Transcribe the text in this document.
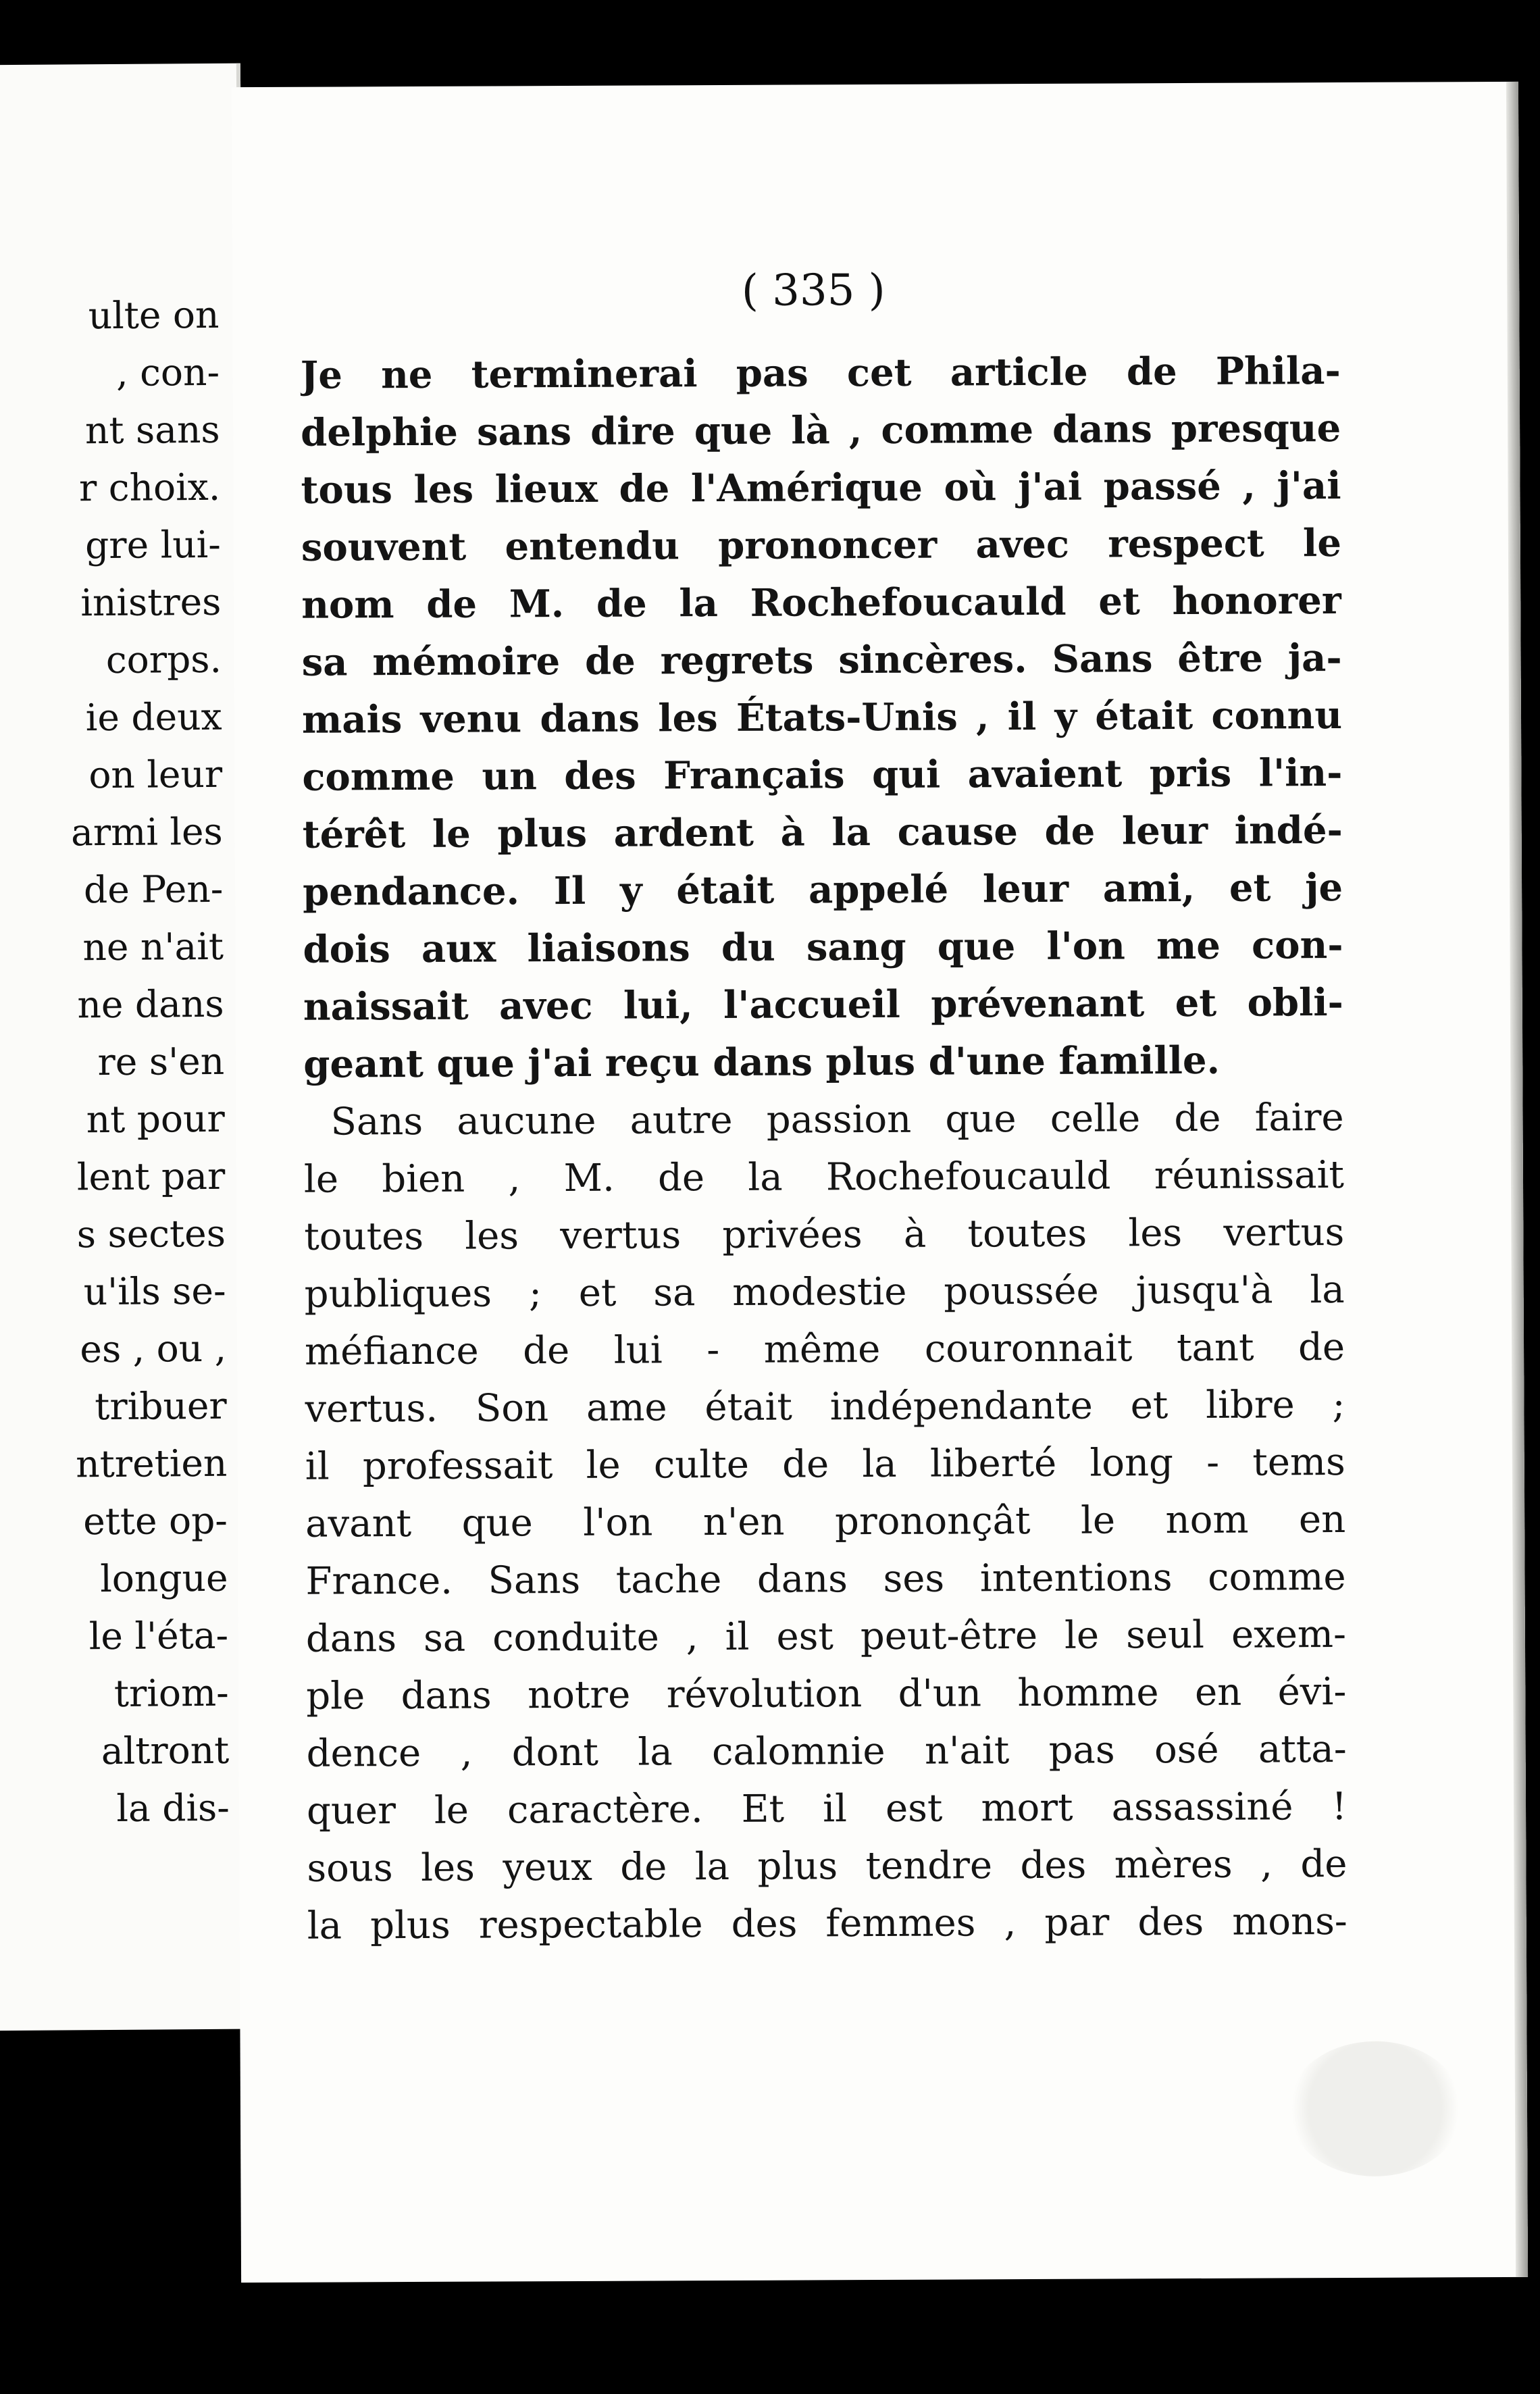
ulte on
, con-
nt sans
r choix.
gre lui-
inistres
corps.
ie deux
on leur
armi les
de Pen-
ne n'ait
ne dans
re s'en
nt pour
lent par
s sectes
u'ils se-
es , ou ,
tribuer
ntretien
ette op-
longue
le l'éta-
triom-
altront
la dis-

( 335 )

Je ne terminerai pas cet article de Phila-
delphie sans dire que là , comme dans presque
tous les lieux de l'Amérique où j'ai passé , j'ai
souvent entendu prononcer avec respect le
nom de M. de la Rochefoucauld et honorer
sa mémoire de regrets sincères. Sans être ja-
mais venu dans les États-Unis , il y était connu
comme un des Français qui avaient pris l'in-
térêt le plus ardent à la cause de leur indé-
pendance. Il y était appelé leur ami, et je
dois aux liaisons du sang que l'on me con-
naissait avec lui, l'accueil prévenant et obli-
geant que j'ai reçu dans plus d'une famille.
Sans aucune autre passion que celle de faire
le bien , M. de la Rochefoucauld réunissait
toutes les vertus privées à toutes les vertus
publiques ; et sa modestie poussée jusqu'à la
méfiance de lui - même couronnait tant de
vertus. Son ame était indépendante et libre ;
il professait le culte de la liberté long - tems
avant que l'on n'en prononçât le nom en
France. Sans tache dans ses intentions comme
dans sa conduite , il est peut-être le seul exem-
ple dans notre révolution d'un homme en évi-
dence , dont la calomnie n'ait pas osé atta-
quer le caractère. Et il est mort assassiné !
sous les yeux de la plus tendre des mères , de
la plus respectable des femmes , par des mons-
